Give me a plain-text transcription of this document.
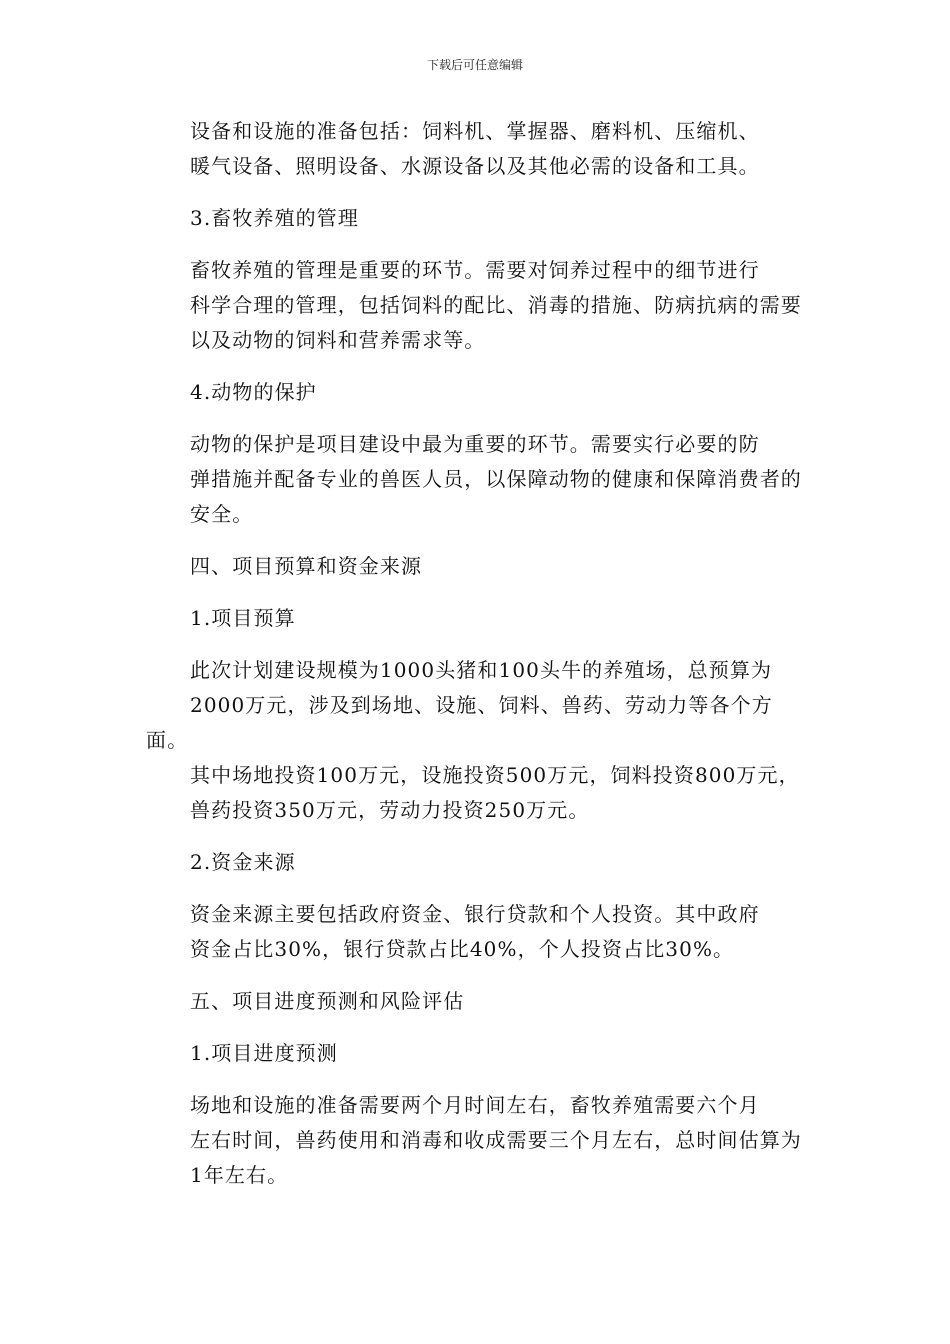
下载后可任意编辑

设备和设施的准备包括：饲料机、掌握器、磨料机、压缩机、
暖气设备、照明设备、水源设备以及其他必需的设备和工具。

3.畜牧养殖的管理

畜牧养殖的管理是重要的环节。需要对饲养过程中的细节进行
科学合理的管理，包括饲料的配比、消毒的措施、防病抗病的需要
以及动物的饲料和营养需求等。

4.动物的保护

动物的保护是项目建设中最为重要的环节。需要实行必要的防
弹措施并配备专业的兽医人员，以保障动物的健康和保障消费者的
安全。

四、项目预算和资金来源

1.项目预算

此次计划建设规模为1000头猪和100头牛的养殖场，总预算为
2000万元，涉及到场地、设施、饲料、兽药、劳动力等各个方面。
其中场地投资100万元，设施投资500万元，饲料投资800万元，
兽药投资350万元，劳动力投资250万元。

2.资金来源

资金来源主要包括政府资金、银行贷款和个人投资。其中政府
资金占比30%，银行贷款占比40%，个人投资占比30%。

五、项目进度预测和风险评估

1.项目进度预测

场地和设施的准备需要两个月时间左右，畜牧养殖需要六个月
左右时间，兽药使用和消毒和收成需要三个月左右，总时间估算为
1年左右。
